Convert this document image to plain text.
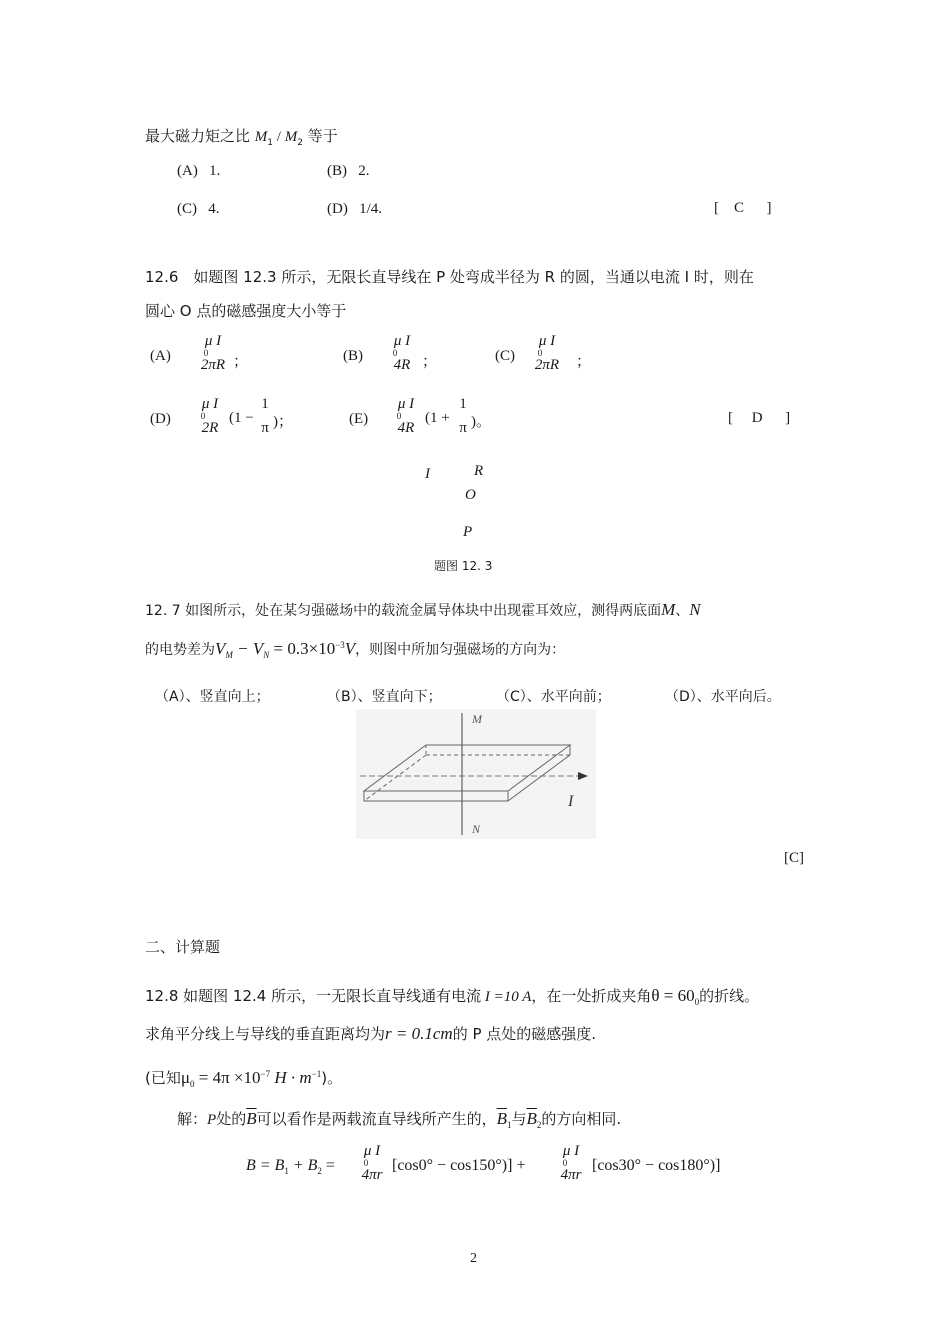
最大磁力矩之比 $M_1 / M_2$ 等于
(A) 1.	(B) 2.
(C) 4.	(D) 1/4.	[ C ]
12.6　如题图 12.3 所示，无限长直导线在 P 处弯成半径为 R 的圆，当通以电流 I 时，则在
圆心 O 点的磁感强度大小等于
(A)
μ I
0
2πR ；	(B)
μ I
0
4R ；	(C)
μ I
0
2πR	；
(D)
μ I
0
2R
(1 −
1
π )；	(E)
μ I
0
4R
(1 +
1
π )。	[ D ]
I	R
O
P
题图 12. 3
12. 7 如图所示，处在某匀强磁场中的载流金属导体块中出现霍耳效应，测得两底面M、N
的电势差为$V_M - V_N = 0.3\times 10^{-3}V$，则图中所加匀强磁场的方向为：
（A）、竖直向上；	（B）、竖直向下；	（C）、水平向前；	（D）、水平向后。
M
N
I
[C]
二、计算题
12.8 如题图 12.4 所示，一无限长直导线通有电流 I =10 A，在一处折成夹角$\theta = 60_0$的折线。
求角平分线上与导线的垂直距离均为r = 0.1cm的 P 点处的磁感强度.
(已知$\mu_0 = 4\pi \times 10^{-7}$ $H \cdot m^{-1}$)。
解：P处的$\overline{B}$可以看作是两载流直导线所产生的，$\overline{B}_1$与$\overline{B}_2$的方向相同.
$B = B_1 + B_2$ =
μ I
0
4πr
[cos0° − cos150°)] +
μ I
0
4πr
[cos30° − cos180°)]
2
